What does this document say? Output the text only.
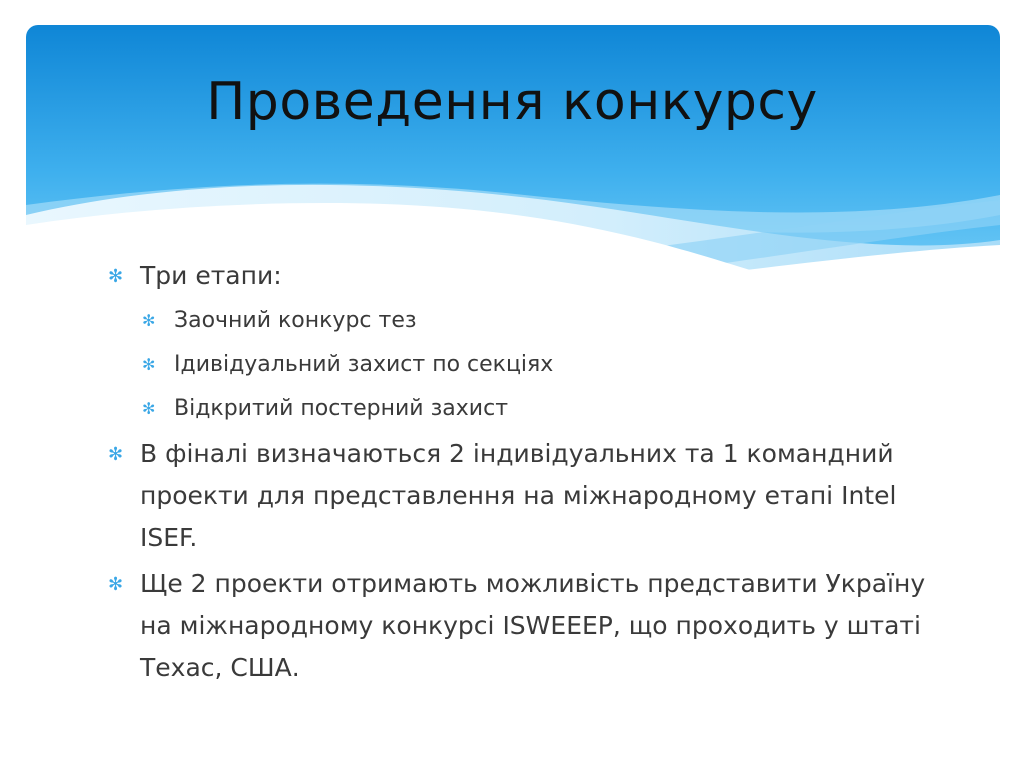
Проведення конкурсу
✻ Три етапи:
✻ Заочний конкурс тез
✻ Ідивідуальний захист по секціях
✻ Відкритий постерний захист
✻ В фіналі визначаються 2 індивідуальних та 1 командний проекти для представлення на міжнародному етапі Intel ISEF.
✻ Ще 2 проекти отримають можливість представити Україну на міжнародному конкурсі ISWEEEP, що проходить у штаті Техас, США.
